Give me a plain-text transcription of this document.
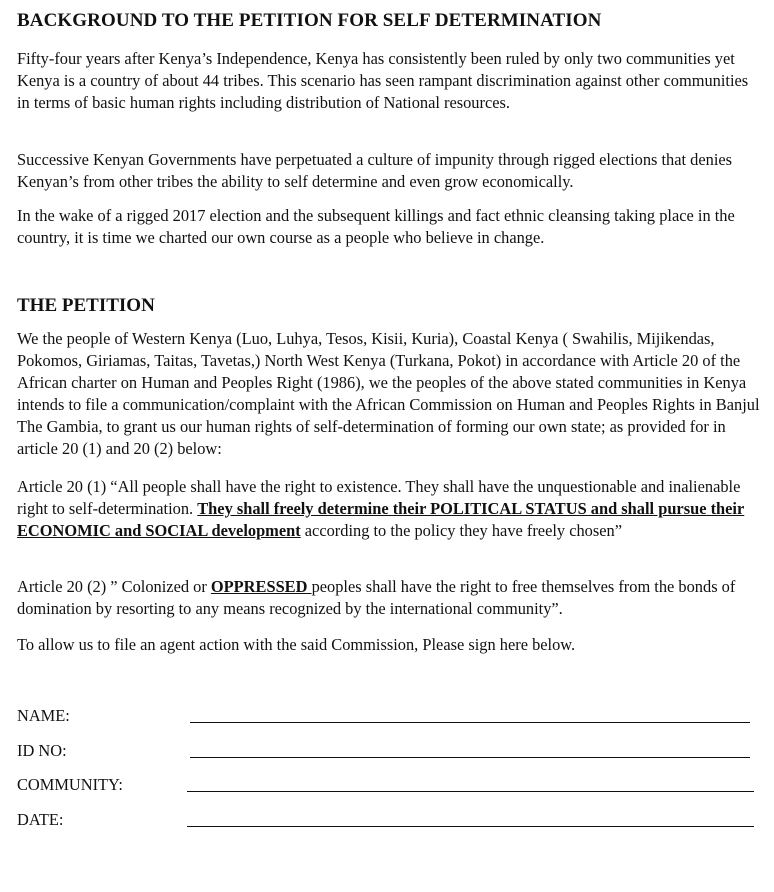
BACKGROUND TO THE PETITION FOR SELF DETERMINATION

Fifty-four years after Kenya’s Independence, Kenya has consistently been ruled by only two communities yet Kenya is a country of about 44 tribes. This scenario has seen rampant discrimination against other communities in terms of basic human rights including distribution of National resources.

Successive Kenyan Governments have perpetuated a culture of impunity through rigged elections that denies Kenyan’s from other tribes the ability to self determine and even grow economically.

In the wake of a rigged 2017 election and the subsequent killings and fact ethnic cleansing taking place in the country, it is time we charted our own course as a people who believe in change.

THE PETITION

We the people of Western Kenya (Luo, Luhya, Tesos, Kisii, Kuria), Coastal Kenya ( Swahilis, Mijikendas, Pokomos, Giriamas, Taitas, Tavetas,) North West Kenya (Turkana, Pokot) in accordance with Article 20 of the African charter on Human and Peoples Right (1986), we the peoples of the above stated communities in Kenya intends to file a communication/complaint with the African Commission on Human and Peoples Rights in Banjul The Gambia, to grant us our human rights of self-determination of forming our own state; as provided for in article 20 (1) and 20 (2) below:

Article 20 (1) “All people shall have the right to existence. They shall have the unquestionable and inalienable right to self-determination. They shall freely determine their POLITICAL STATUS and shall pursue their ECONOMIC and SOCIAL development according to the policy they have freely chosen”

Article 20 (2) ” Colonized or OPPRESSED peoples shall have the right to free themselves from the bonds of domination by resorting to any means recognized by the international community”.

To allow us to file an agent action with the said Commission, Please sign here below.

NAME:
ID NO:
COMMUNITY:
DATE:
